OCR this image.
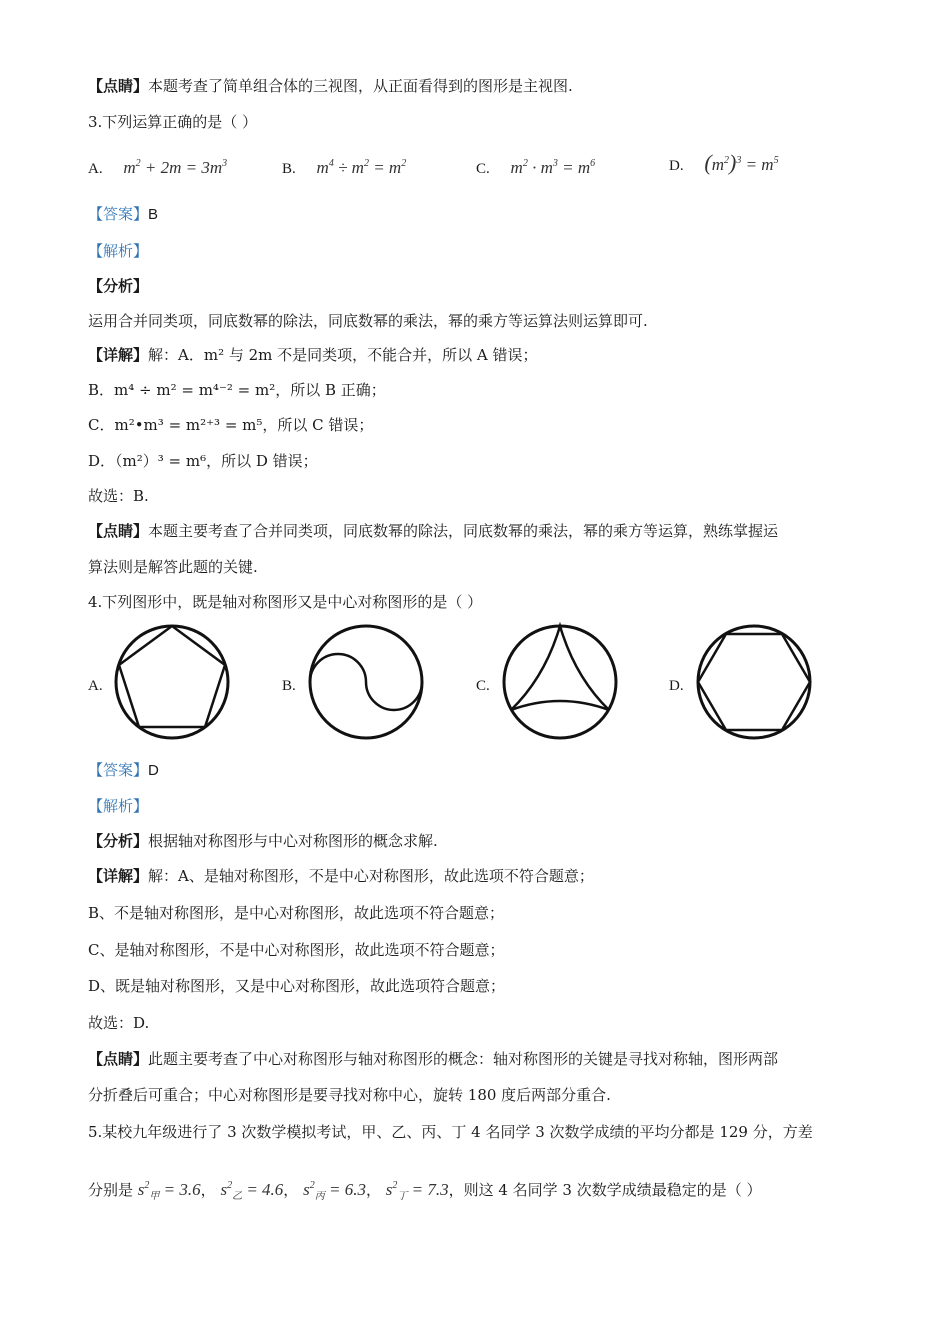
【点睛】本题考查了简单组合体的三视图，从正面看得到的图形是主视图.
3.下列运算正确的是（ ）
A. $m^2 + 2m = 3m^3$	B. $m^4 \div m^2 = m^2$	C. $m^2 \cdot m^3 = m^6$	D. $(m^2)^3 = m^5$
【答案】B
【解析】
【分析】
运用合并同类项，同底数幂的除法，同底数幂的乘法，幂的乘方等运算法则运算即可.
【详解】解：A．m² 与 2m 不是同类项，不能合并，所以 A 错误；
B．m⁴ ÷ m² = m⁴⁻² = m²，所以 B 正确；
C．m²•m³ = m²⁺³ = m⁵，所以 C 错误；
D．（m²）³ = m⁶，所以 D 错误；
故选：B.
【点睛】本题主要考查了合并同类项，同底数幂的除法，同底数幂的乘法，幂的乘方等运算，熟练掌握运
算法则是解答此题的关键.
4.下列图形中，既是轴对称图形又是中心对称图形的是（ ）
A.	B.	C.	D.
【答案】D
【解析】
【分析】根据轴对称图形与中心对称图形的概念求解.
【详解】解：A、是轴对称图形，不是中心对称图形，故此选项不符合题意；
B、不是轴对称图形，是中心对称图形，故此选项不符合题意；
C、是轴对称图形，不是中心对称图形，故此选项不符合题意；
D、既是轴对称图形，又是中心对称图形，故此选项符合题意；
故选：D.
【点睛】此题主要考查了中心对称图形与轴对称图形的概念：轴对称图形的关键是寻找对称轴，图形两部
分折叠后可重合；中心对称图形是要寻找对称中心，旋转 180 度后两部分重合.
5.某校九年级进行了 3 次数学模拟考试，甲、乙、丙、丁 4 名同学 3 次数学成绩的平均分都是 129 分，方差
分别是 $s^2_甲 = 3.6$， $s^2_乙 = 4.6$， $s^2_丙 = 6.3$， $s^2_丁 = 7.3$，则这 4 名同学 3 次数学成绩最稳定的是（ ）
